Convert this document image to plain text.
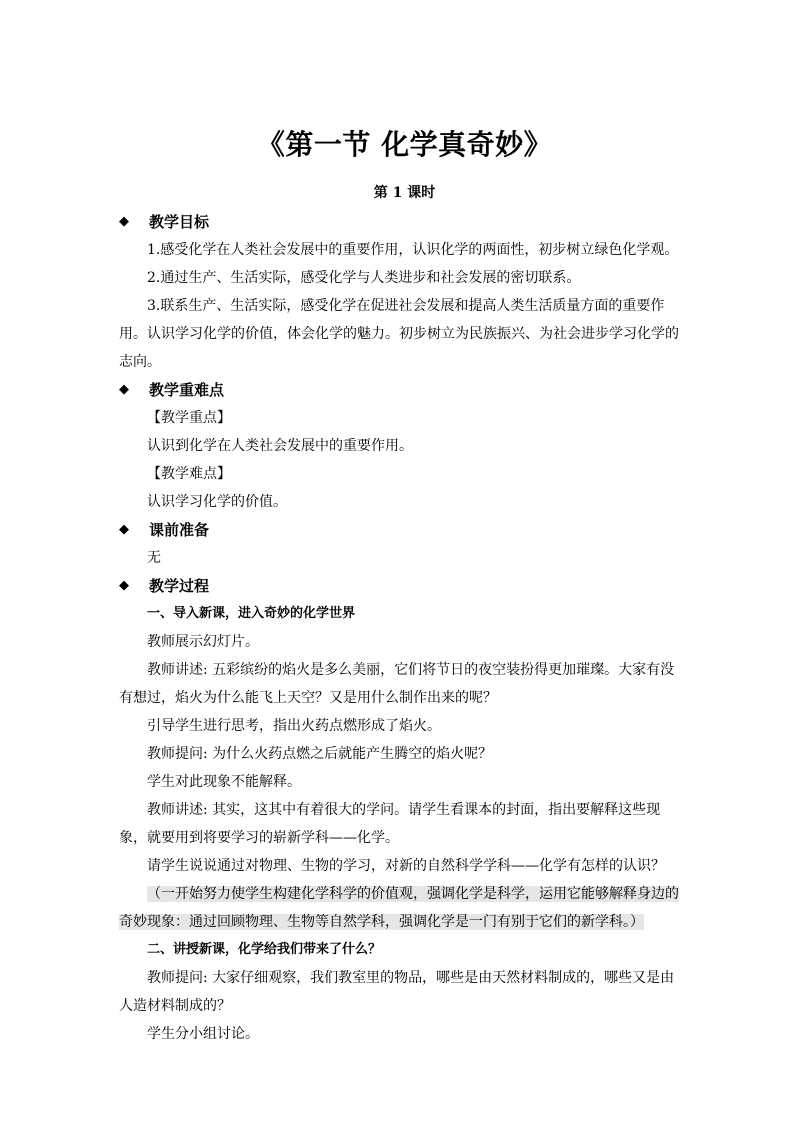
《第一节 化学真奇妙》
第 1 课时
◆	教学目标

1.感受化学在人类社会发展中的重要作用，认识化学的两面性，初步树立绿色化学观。

2.通过生产、生活实际，感受化学与人类进步和社会发展的密切联系。

3.联系生产、生活实际，感受化学在促进社会发展和提高人类生活质量方面的重要作用。认识学习化学的价值，体会化学的魅力。初步树立为民族振兴、为社会进步学习化学的志向。

◆	教学重难点
【教学重点】
认识到化学在人类社会发展中的重要作用。
【教学难点】
认识学习化学的价值。
◆	课前准备
无
◆	教学过程
一、导入新课，进入奇妙的化学世界

教师展示幻灯片。

教师讲述: 五彩缤纷的焰火是多么美丽，它们将节日的夜空装扮得更加璀璨。大家有没有想过，焰火为什么能飞上天空？又是用什么制作出来的呢？

引导学生进行思考，指出火药点燃形成了焰火。

教师提问: 为什么火药点燃之后就能产生腾空的焰火呢？

学生对此现象不能解释。

教师讲述: 其实，这其中有着很大的学问。请学生看课本的封面，指出要解释这些现象，就要用到将要学习的崭新学科——化学。

请学生说说通过对物理、生物的学习，对新的自然科学学科——化学有怎样的认识？

（一开始努力使学生构建化学科学的价值观，强调化学是科学，运用它能够解释身边的奇妙现象：通过回顾物理、生物等自然学科，强调化学是一门有别于它们的新学科。）

二、讲授新课，化学给我们带来了什么？

教师提问: 大家仔细观察，我们教室里的物品，哪些是由天然材料制成的，哪些又是由人造材料制成的？

学生分小组讨论。
